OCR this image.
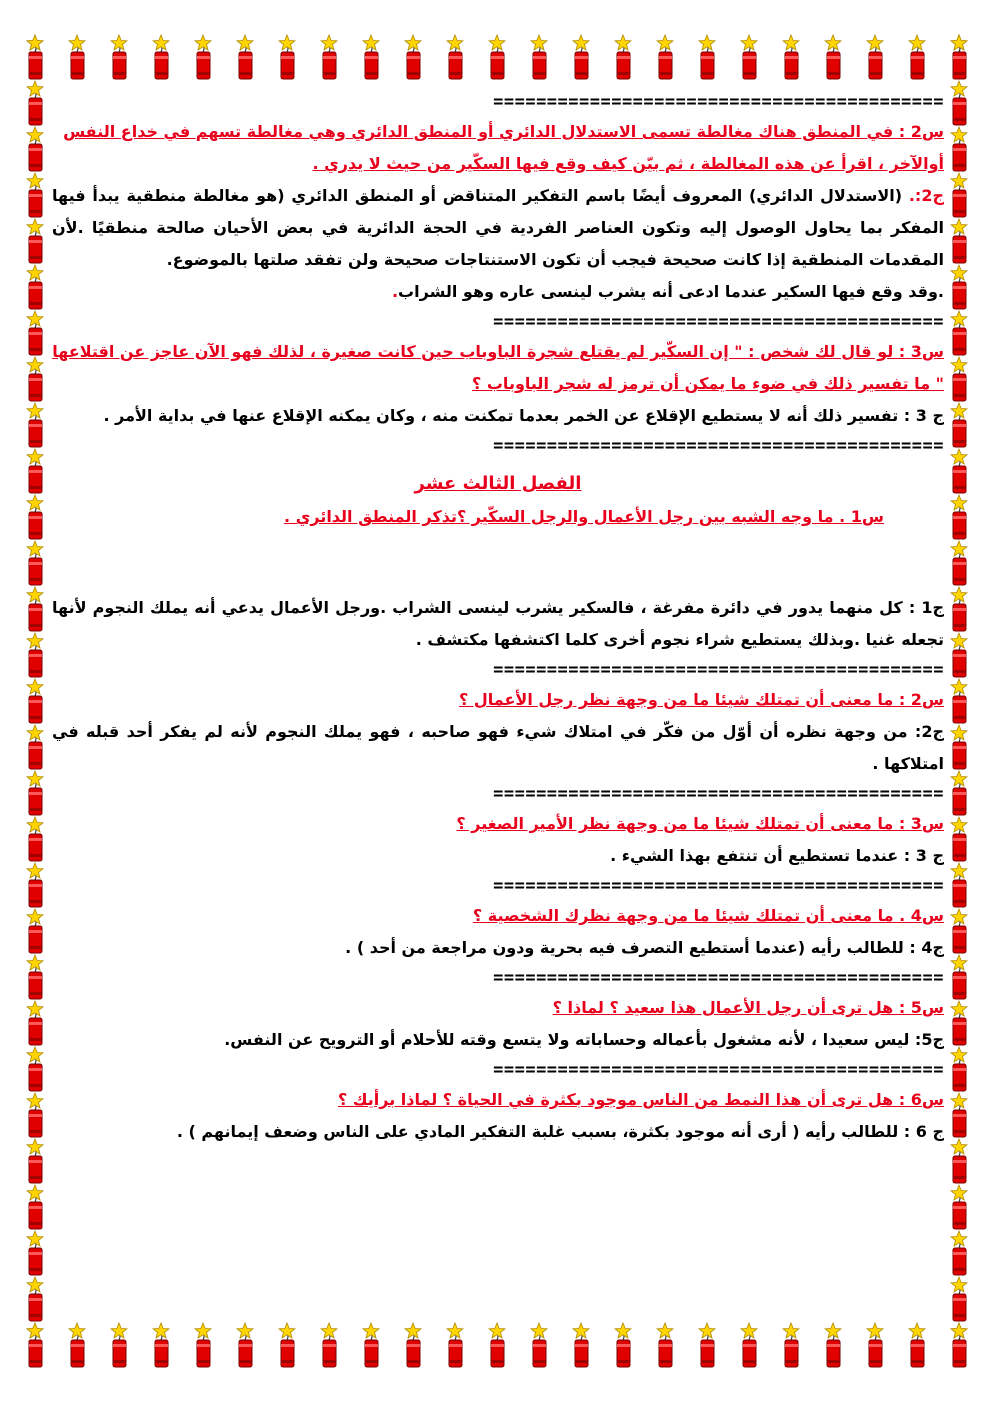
==========================================
س2 : في المنطق هناك مغالطة تسمى الاستدلال الدائري أو المنطق الدائري وهي مغالطة تسهم في خداع النفس أوالآخر ، اقرأ عن هذه المغالطة ، ثم بيّن كيف وقع فيها السكّير من حيث لا يدري .
ج2:. (الاستدلال الدائري) المعروف أيضًا باسم التفكير المتناقض أو المنطق الدائري (هو مغالطة منطقية يبدأ فيها المفكر بما يحاول الوصول إليه وتكون العناصر الفردية في الحجة الدائرية في بعض الأحيان صالحة منطقيًا .لأن المقدمات المنطقية إذا كانت صحيحة فيجب أن تكون الاستنتاجات صحيحة ولن تفقد صلتها بالموضوع.
.وقد وقع فيها السكير عندما ادعى أنه يشرب لينسى عاره وهو الشراب.
==========================================
س3 : لو قال لك شخص : " إن السكّير لم يقتلع شجرة الباوباب حين كانت صغيرة ، لذلك فهو الآن عاجز عن اقتلاعها " ما تفسير ذلك في ضوء ما يمكن أن ترمز له شجر الباوباب ؟
ج 3 : تفسير ذلك أنه لا يستطيع الإقلاع عن الخمر بعدما تمكنت منه ، وكان يمكنه الإقلاع عنها في بداية الأمر .
==========================================
الفصل الثالث عشر
س1 . ما وجه الشبه بين رجل الأعمال والرجل السكّير ؟تذكر المنطق الدائري .
ج1 : كل منهما يدور في دائرة مفرغة ، فالسكير يشرب لينسى الشراب .ورجل الأعمال يدعي أنه يملك النجوم لأنها تجعله غنيا .وبذلك يستطيع شراء نجوم أخرى كلما اكتشفها مكتشف .
==========================================
س2 : ما معنى أن تمتلك شيئا ما من وجهة نظر رجل الأعمال ؟
ج2: من وجهة نظره أن أوّل من فكّر في امتلاك شيء فهو صاحبه ، فهو يملك النجوم لأنه لم يفكر أحد قبله في امتلاكها .
==========================================
س3 : ما معنى أن تمتلك شيئا ما من وجهة نظر الأمير الصغير ؟
ج 3 : عندما تستطيع أن تنتفع بهذا الشيء .
==========================================
س4 . ما معنى أن تمتلك شيئا ما من وجهة نظرك الشخصية ؟
ج4 : للطالب رأيه (عندما أستطيع التصرف فيه بحرية ودون مراجعة من أحد ) .
==========================================
س5 : هل ترى أن رجل الأعمال هذا سعيد ؟ لماذا ؟
ج5: ليس سعيدا ، لأنه مشغول بأعماله وحساباته ولا يتسع وقته للأحلام أو الترويح عن النفس.
==========================================
س6 : هل ترى أن هذا النمط من الناس موجود بكثرة في الحياة ؟ لماذا برأيك ؟
ج 6 : للطالب رأيه ( أرى أنه موجود بكثرة، بسبب غلبة التفكير المادي على الناس وضعف إيمانهم ) .
